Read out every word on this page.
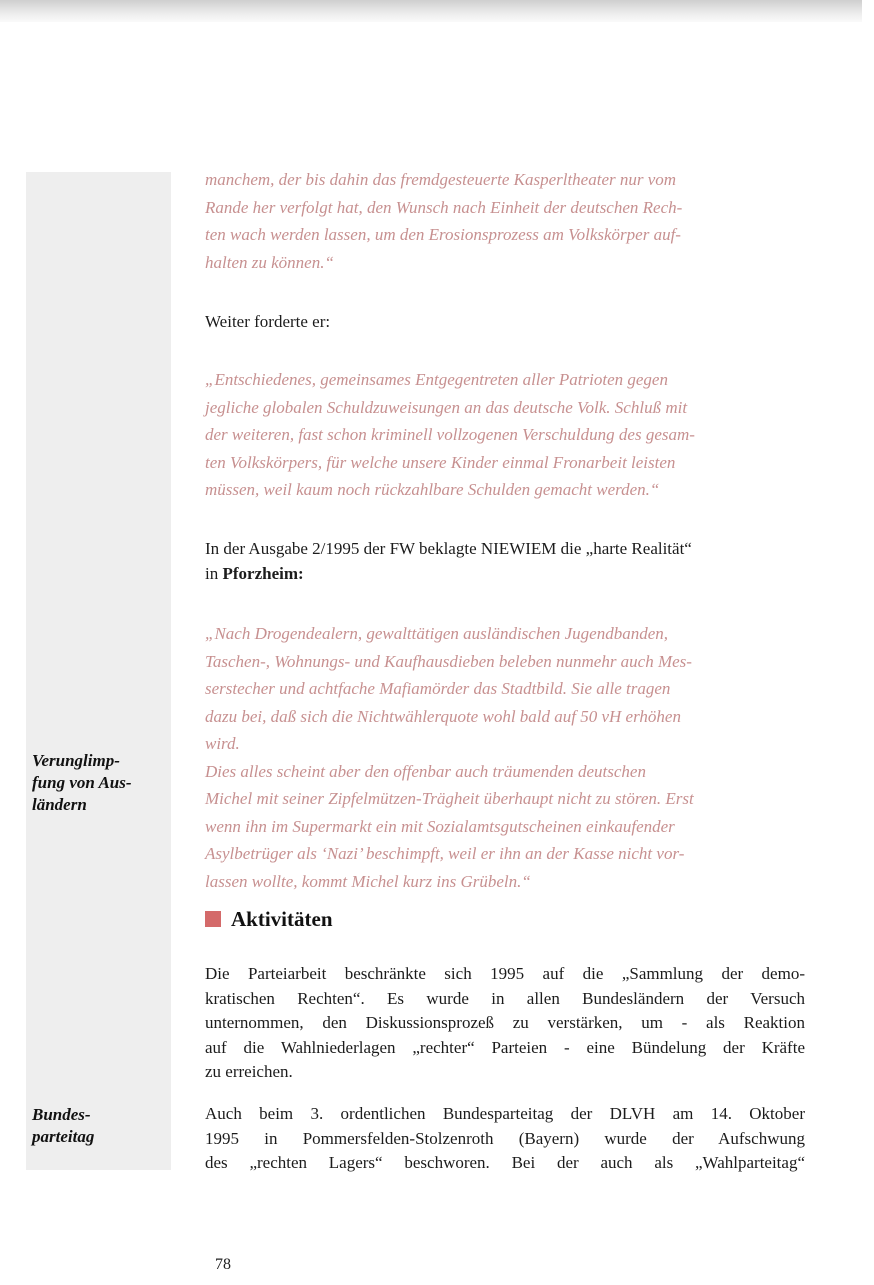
manchem, der bis dahin das fremdgesteuerte Kasperltheater nur vom
Rande her verfolgt hat, den Wunsch nach Einheit der deutschen Rech-
ten wach werden lassen, um den Erosionsprozess am Volkskörper auf-
halten zu können.“
Weiter forderte er:
„Entschiedenes, gemeinsames Entgegentreten aller Patrioten gegen
jegliche globalen Schuldzuweisungen an das deutsche Volk. Schluß mit
der weiteren, fast schon kriminell vollzogenen Verschuldung des gesam-
ten Volkskörpers, für welche unsere Kinder einmal Fronarbeit leisten
müssen, weil kaum noch rückzahlbare Schulden gemacht werden.“
In der Ausgabe 2/1995 der FW beklagte NIEWIEM die „harte Realität“
in Pforzheim:
„Nach Drogendealern, gewalttätigen ausländischen Jugendbanden,
Taschen-, Wohnungs- und Kaufhausdieben beleben nunmehr auch Mes-
serstecher und achtfache Mafiamörder das Stadtbild. Sie alle tragen
dazu bei, daß sich die Nichtwählerquote wohl bald auf 50 vH erhöhen
wird.
Dies alles scheint aber den offenbar auch träumenden deutschen
Michel mit seiner Zipfelmützen-Trägheit überhaupt nicht zu stören. Erst
wenn ihn im Supermarkt ein mit Sozialamtsgutscheinen einkaufender
Asylbetrüger als ‘Nazi’ beschimpft, weil er ihn an der Kasse nicht vor-
lassen wollte, kommt Michel kurz ins Grübeln.“
Verunglimp-
fung von Aus-
ländern
Aktivitäten
Die Parteiarbeit beschränkte sich 1995 auf die „Sammlung der demo-
kratischen Rechten“. Es wurde in allen Bundesländern der Versuch
unternommen, den Diskussionsprozeß zu verstärken, um - als Reaktion
auf die Wahlniederlagen „rechter“ Parteien - eine Bündelung der Kräfte
zu erreichen.
Bundes-
parteitag
Auch beim 3. ordentlichen Bundesparteitag der DLVH am 14. Oktober
1995 in Pommersfelden-Stolzenroth (Bayern) wurde der Aufschwung
des „rechten Lagers“ beschworen. Bei der auch als „Wahlparteitag“
78
